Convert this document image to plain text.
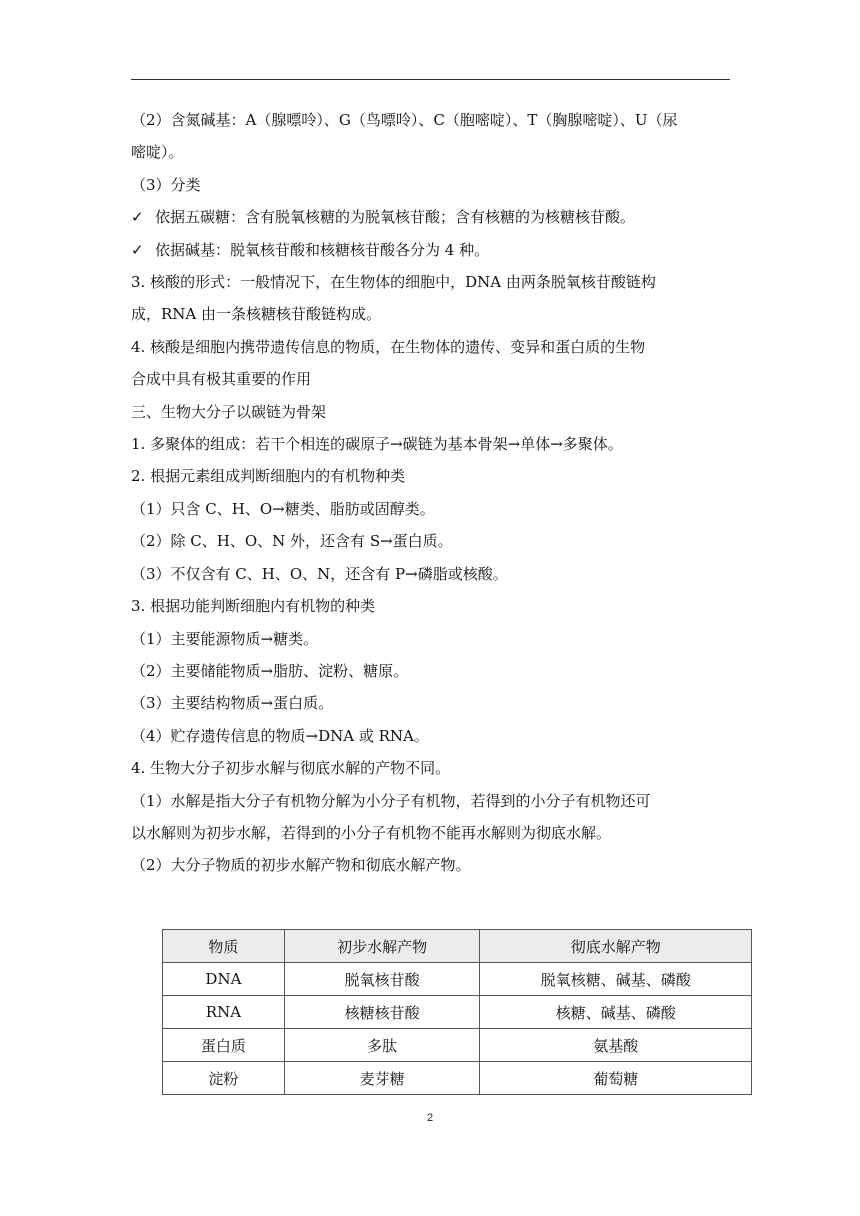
（2）含氮碱基：A（腺嘌呤）、G（鸟嘌呤）、C（胞嘧啶）、T（胸腺嘧啶）、U（尿
嘧啶）。
（3）分类
✓ 依据五碳糖：含有脱氧核糖的为脱氧核苷酸；含有核糖的为核糖核苷酸。
✓ 依据碱基：脱氧核苷酸和核糖核苷酸各分为 4 种。
3. 核酸的形式：一般情况下，在生物体的细胞中，DNA 由两条脱氧核苷酸链构
成，RNA 由一条核糖核苷酸链构成。
4. 核酸是细胞内携带遗传信息的物质，在生物体的遗传、变异和蛋白质的生物
合成中具有极其重要的作用
三、生物大分子以碳链为骨架
1. 多聚体的组成：若干个相连的碳原子→碳链为基本骨架→单体→多聚体。
2. 根据元素组成判断细胞内的有机物种类
（1）只含 C、H、O→糖类、脂肪或固醇类。
（2）除 C、H、O、N 外，还含有 S→蛋白质。
（3）不仅含有 C、H、O、N，还含有 P→磷脂或核酸。
3. 根据功能判断细胞内有机物的种类
（1）主要能源物质→糖类。
（2）主要储能物质→脂肪、淀粉、糖原。
（3）主要结构物质→蛋白质。
（4）贮存遗传信息的物质→DNA 或 RNA。
4. 生物大分子初步水解与彻底水解的产物不同。
（1）水解是指大分子有机物分解为小分子有机物，若得到的小分子有机物还可
以水解则为初步水解，若得到的小分子有机物不能再水解则为彻底水解。
（2）大分子物质的初步水解产物和彻底水解产物。
物质	初步水解产物	彻底水解产物
DNA	脱氧核苷酸	脱氧核糖、碱基、磷酸
RNA	核糖核苷酸	核糖、碱基、磷酸
蛋白质	多肽	氨基酸
淀粉	麦芽糖	葡萄糖
2
